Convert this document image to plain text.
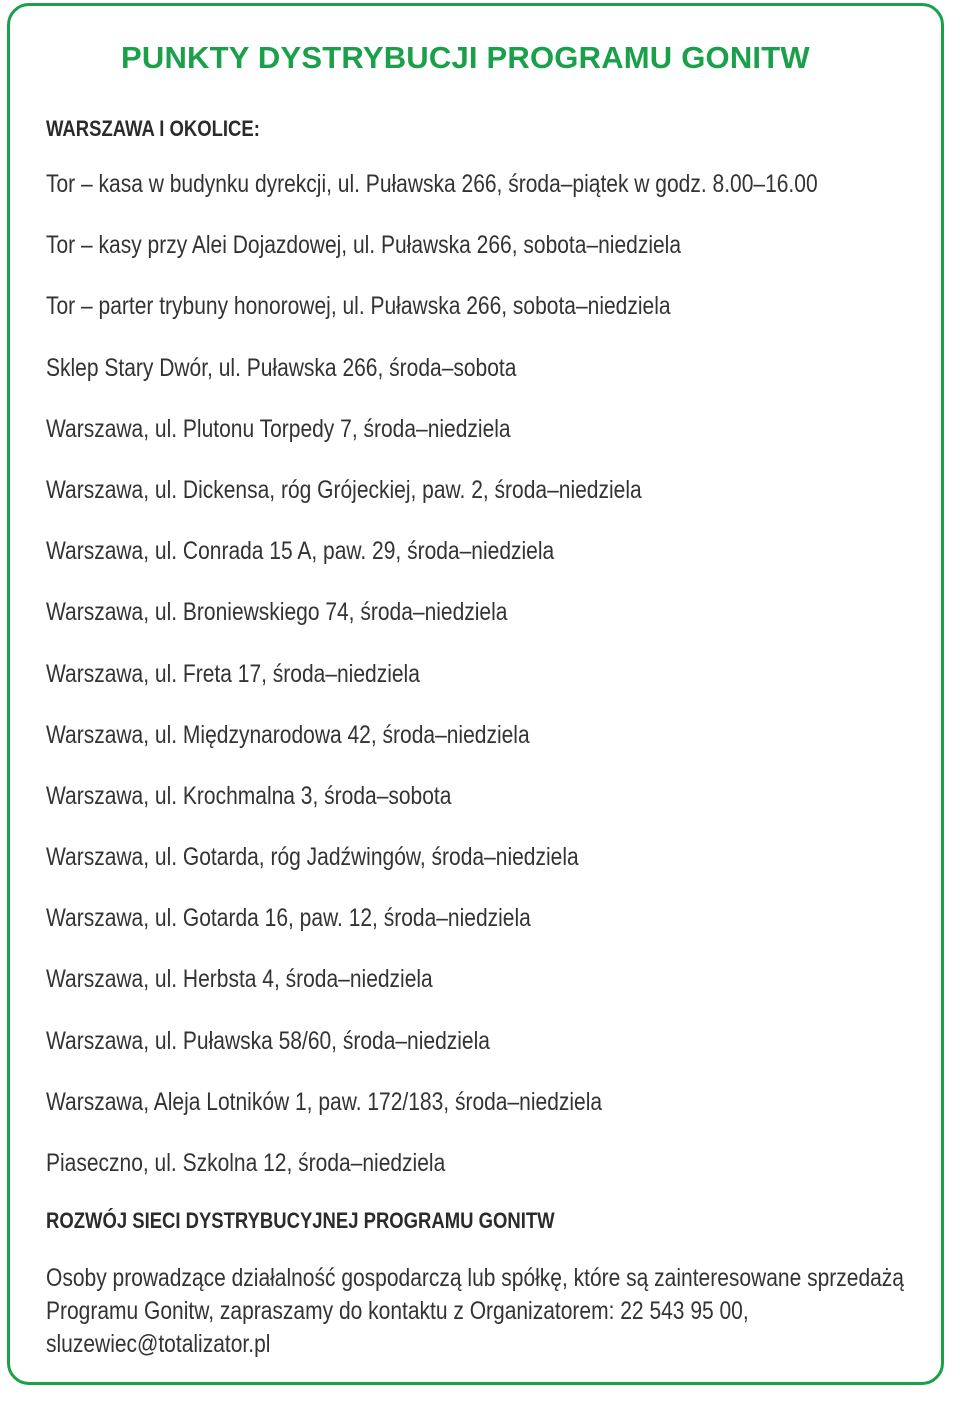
PUNKTY DYSTRYBUCJI PROGRAMU GONITW
WARSZAWA I OKOLICE:
Tor – kasa w budynku dyrekcji, ul. Puławska 266, środa–piątek w godz. 8.00–16.00
Tor – kasy przy Alei Dojazdowej, ul. Puławska 266, sobota–niedziela
Tor – parter trybuny honorowej, ul. Puławska 266, sobota–niedziela
Sklep Stary Dwór, ul. Puławska 266, środa–sobota
Warszawa, ul. Plutonu Torpedy 7, środa–niedziela
Warszawa, ul. Dickensa, róg Grójeckiej, paw. 2, środa–niedziela
Warszawa, ul. Conrada 15 A, paw. 29, środa–niedziela
Warszawa, ul. Broniewskiego 74, środa–niedziela
Warszawa, ul. Freta 17, środa–niedziela
Warszawa, ul. Międzynarodowa 42, środa–niedziela
Warszawa, ul. Krochmalna 3, środa–sobota
Warszawa, ul. Gotarda, róg Jadźwingów, środa–niedziela
Warszawa, ul. Gotarda 16, paw. 12, środa–niedziela
Warszawa, ul. Herbsta 4, środa–niedziela
Warszawa, ul. Puławska 58/60, środa–niedziela
Warszawa, Aleja Lotników 1, paw. 172/183, środa–niedziela
Piaseczno, ul. Szkolna 12, środa–niedziela
ROZWÓJ SIECI DYSTRYBUCYJNEJ PROGRAMU GONITW

Osoby prowadzące działalność gospodarczą lub spółkę, które są zainteresowane sprzedażą
Programu Gonitw, zapraszamy do kontaktu z Organizatorem: 22 543 95 00,
sluzewiec@totalizator.pl
